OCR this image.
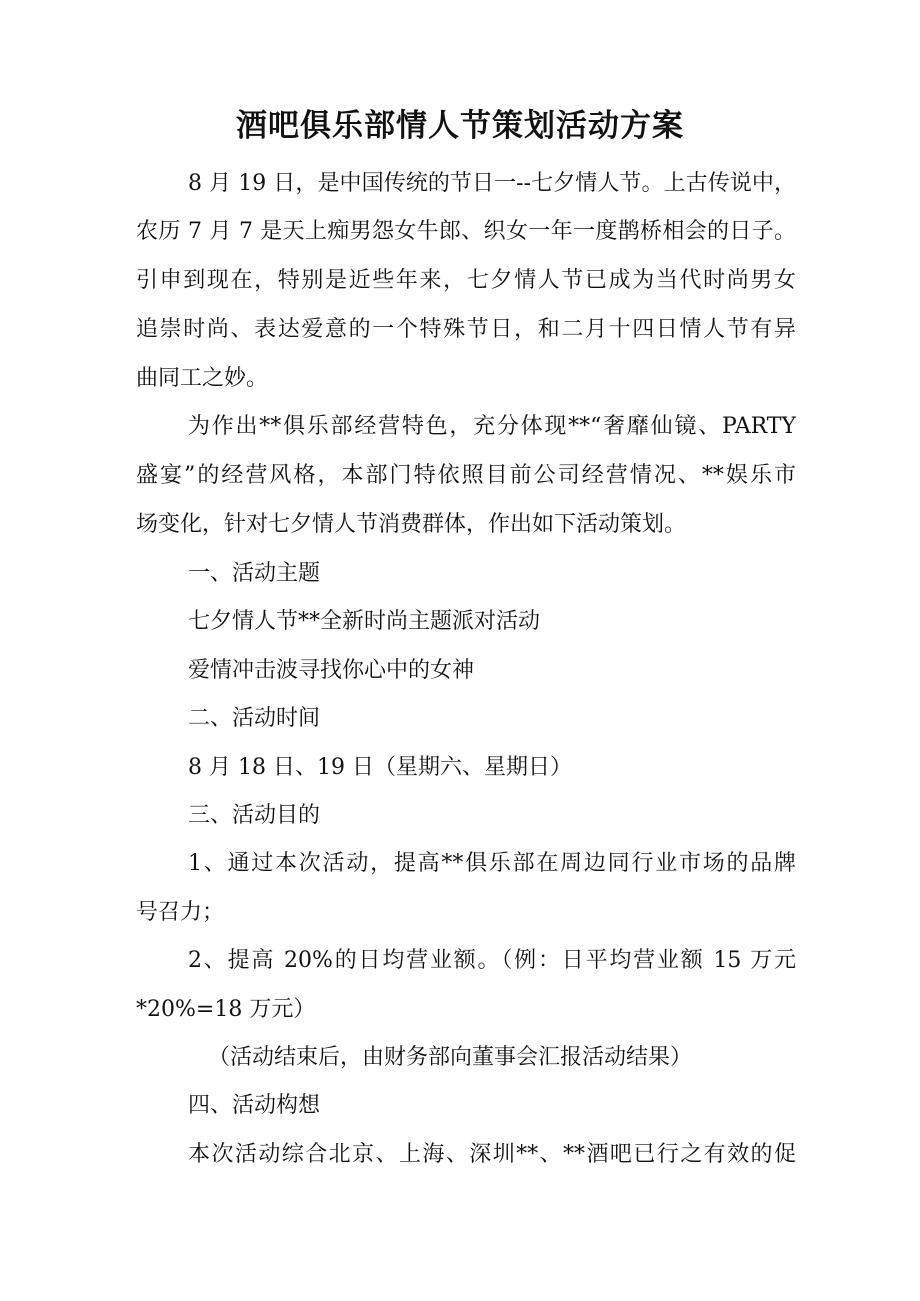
酒吧俱乐部情人节策划活动方案

8 月 19 日，是中国传统的节日一--七夕情人节。上古传说中，

农历 7 月 7 是天上痴男怨女牛郎、织女一年一度鹊桥相会的日子。

引申到现在，特别是近些年来，七夕情人节已成为当代时尚男女

追崇时尚、表达爱意的一个特殊节日，和二月十四日情人节有异

曲同工之妙。

为作出**俱乐部经营特色，充分体现**“奢靡仙镜、PARTY

盛宴”的经营风格，本部门特依照目前公司经营情况、**娱乐市

场变化，针对七夕情人节消费群体，作出如下活动策划。

一、活动主题

七夕情人节**全新时尚主题派对活动

爱情冲击波寻找你心中的女神

二、活动时间

8 月 18 日、19 日（星期六、星期日）

三、活动目的

1、通过本次活动，提高**俱乐部在周边同行业市场的品牌

号召力；

2、提高 20%的日均营业额。（例：日平均营业额 15 万元

*20%=18 万元）

（活动结束后，由财务部向董事会汇报活动结果）

四、活动构想

本次活动综合北京、上海、深圳**、**酒吧已行之有效的促
